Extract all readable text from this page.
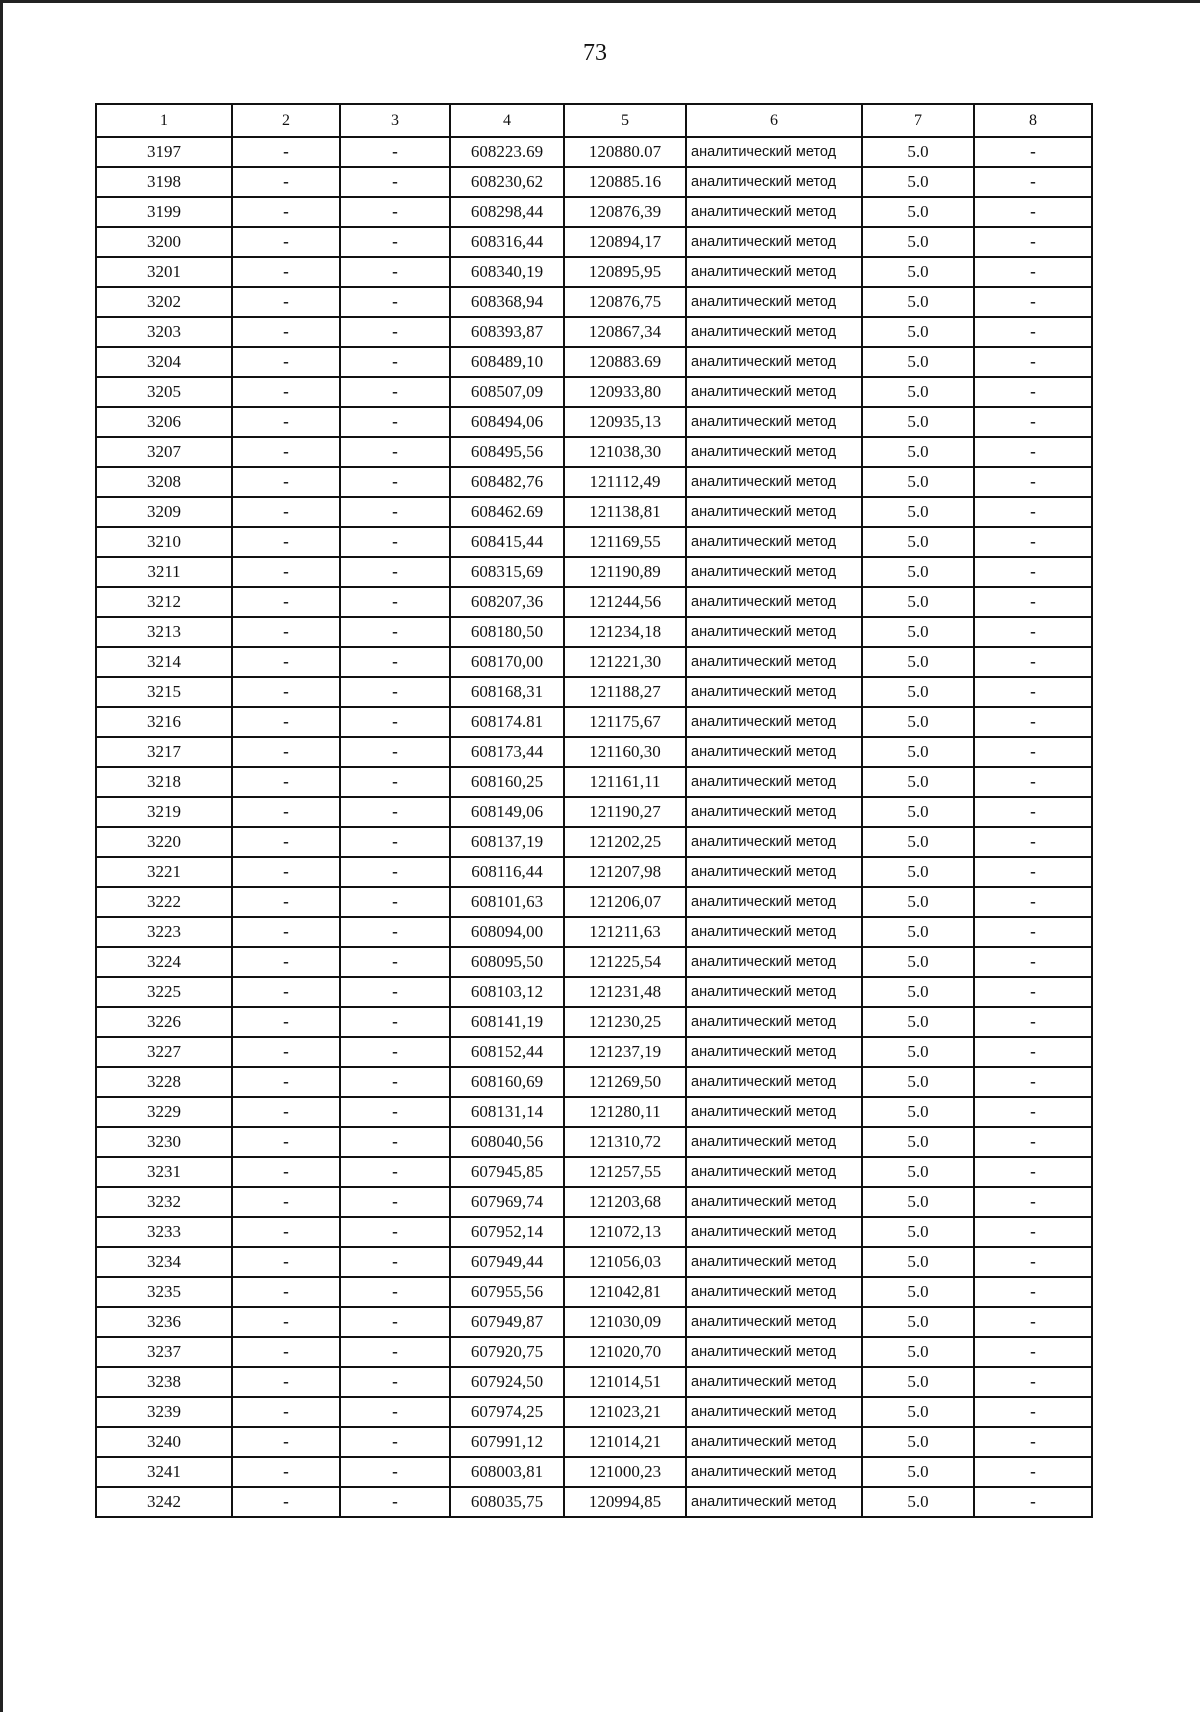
73
1	2	3	4	5	6	7	8
3197	-	-	608223.69	120880.07	аналитический метод	5.0	-
3198	-	-	608230,62	120885.16	аналитический метод	5.0	-
3199	-	-	608298,44	120876,39	аналитический метод	5.0	-
3200	-	-	608316,44	120894,17	аналитический метод	5.0	-
3201	-	-	608340,19	120895,95	аналитический метод	5.0	-
3202	-	-	608368,94	120876,75	аналитический метод	5.0	-
3203	-	-	608393,87	120867,34	аналитический метод	5.0	-
3204	-	-	608489,10	120883.69	аналитический метод	5.0	-
3205	-	-	608507,09	120933,80	аналитический метод	5.0	-
3206	-	-	608494,06	120935,13	аналитический метод	5.0	-
3207	-	-	608495,56	121038,30	аналитический метод	5.0	-
3208	-	-	608482,76	121112,49	аналитический метод	5.0	-
3209	-	-	608462.69	121138,81	аналитический метод	5.0	-
3210	-	-	608415,44	121169,55	аналитический метод	5.0	-
3211	-	-	608315,69	121190,89	аналитический метод	5.0	-
3212	-	-	608207,36	121244,56	аналитический метод	5.0	-
3213	-	-	608180,50	121234,18	аналитический метод	5.0	-
3214	-	-	608170,00	121221,30	аналитический метод	5.0	-
3215	-	-	608168,31	121188,27	аналитический метод	5.0	-
3216	-	-	608174.81	121175,67	аналитический метод	5.0	-
3217	-	-	608173,44	121160,30	аналитический метод	5.0	-
3218	-	-	608160,25	121161,11	аналитический метод	5.0	-
3219	-	-	608149,06	121190,27	аналитический метод	5.0	-
3220	-	-	608137,19	121202,25	аналитический метод	5.0	-
3221	-	-	608116,44	121207,98	аналитический метод	5.0	-
3222	-	-	608101,63	121206,07	аналитический метод	5.0	-
3223	-	-	608094,00	121211,63	аналитический метод	5.0	-
3224	-	-	608095,50	121225,54	аналитический метод	5.0	-
3225	-	-	608103,12	121231,48	аналитический метод	5.0	-
3226	-	-	608141,19	121230,25	аналитический метод	5.0	-
3227	-	-	608152,44	121237,19	аналитический метод	5.0	-
3228	-	-	608160,69	121269,50	аналитический метод	5.0	-
3229	-	-	608131,14	121280,11	аналитический метод	5.0	-
3230	-	-	608040,56	121310,72	аналитический метод	5.0	-
3231	-	-	607945,85	121257,55	аналитический метод	5.0	-
3232	-	-	607969,74	121203,68	аналитический метод	5.0	-
3233	-	-	607952,14	121072,13	аналитический метод	5.0	-
3234	-	-	607949,44	121056,03	аналитический метод	5.0	-
3235	-	-	607955,56	121042,81	аналитический метод	5.0	-
3236	-	-	607949,87	121030,09	аналитический метод	5.0	-
3237	-	-	607920,75	121020,70	аналитический метод	5.0	-
3238	-	-	607924,50	121014,51	аналитический метод	5.0	-
3239	-	-	607974,25	121023,21	аналитический метод	5.0	-
3240	-	-	607991,12	121014,21	аналитический метод	5.0	-
3241	-	-	608003,81	121000,23	аналитический метод	5.0	-
3242	-	-	608035,75	120994,85	аналитический метод	5.0	-
